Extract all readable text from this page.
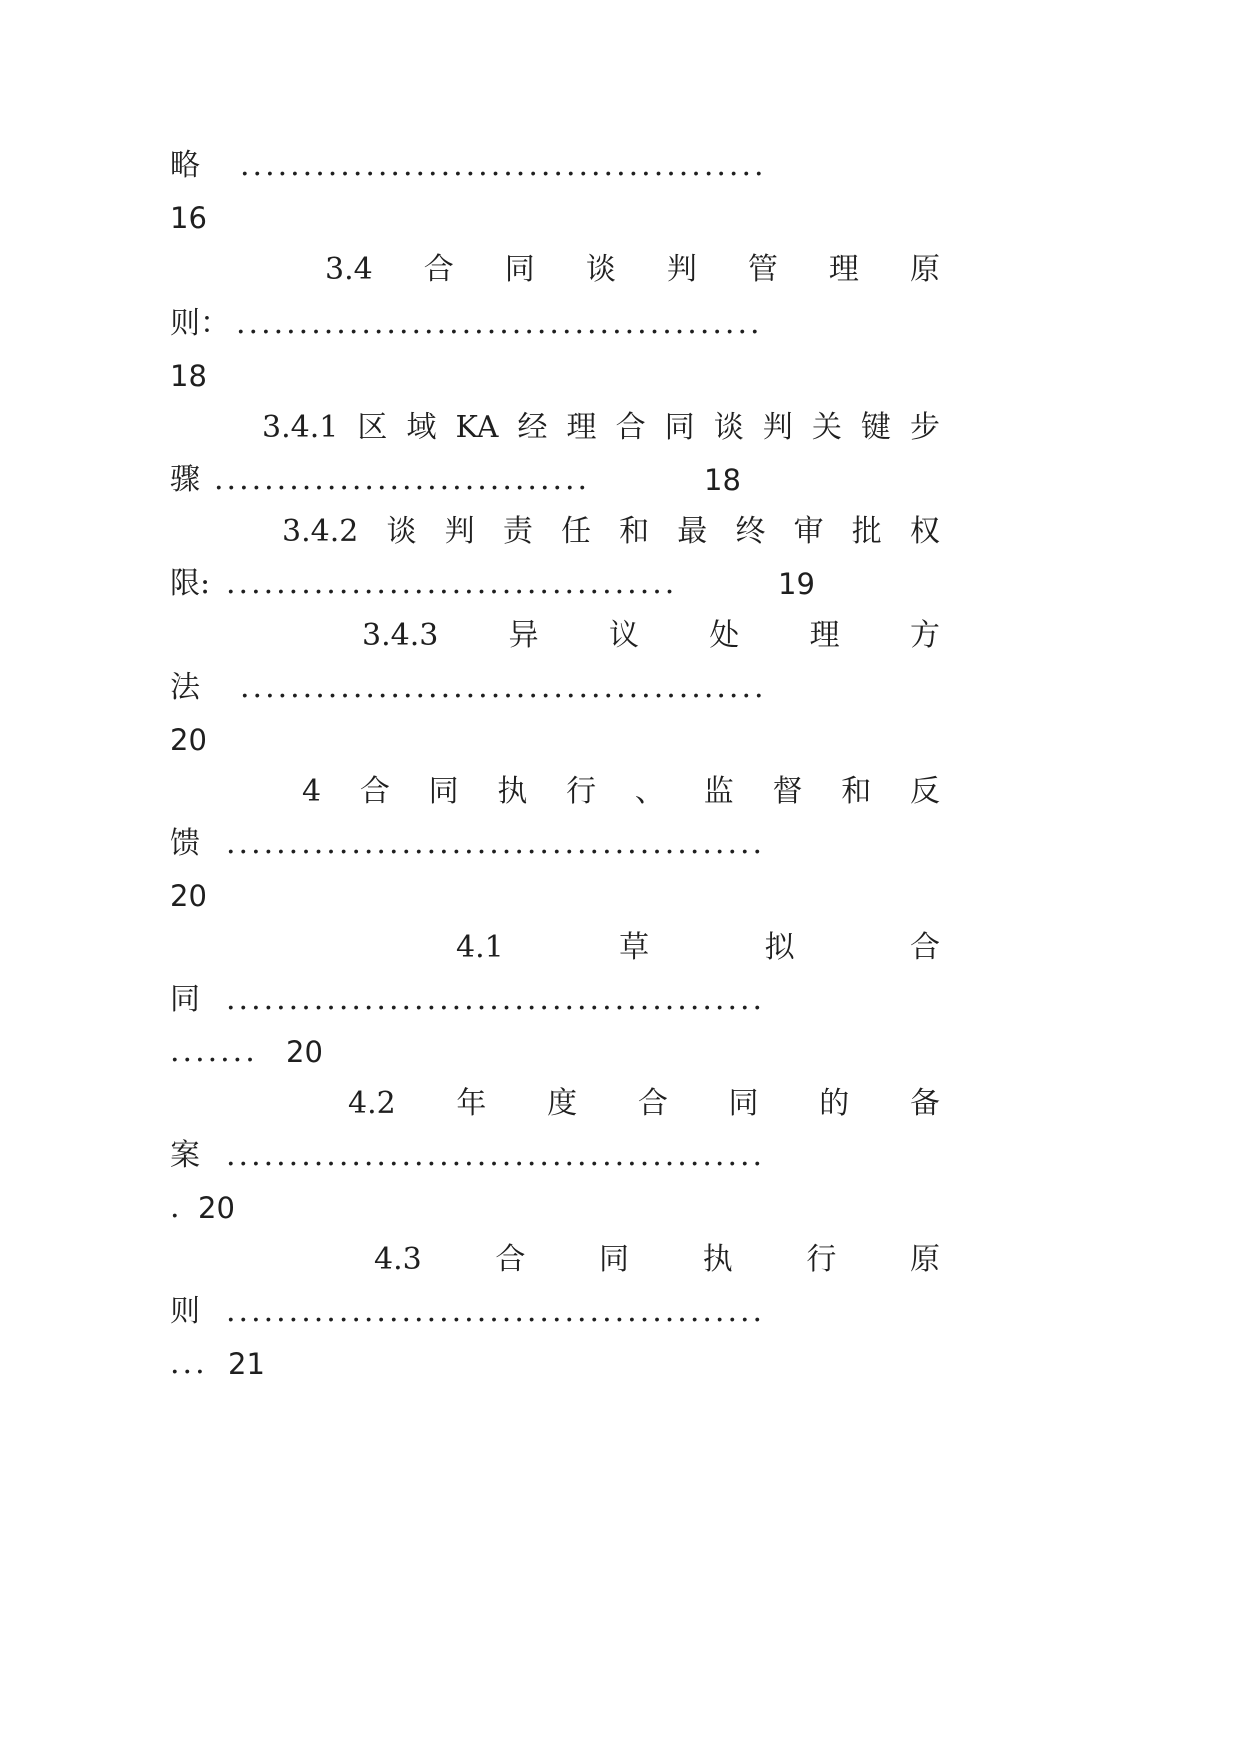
略 ..........................................
16
3.4 合 同 谈 判 管 理 原
则： ..........................................
18
3.4.1 区 域 KA 经 理 合 同 谈 判 关 键 步
骤 ..............................	18
3.4.2 谈 判 责 任 和 最 终 审 批 权
限: ....................................	19
3.4.3 异 议 处 理 方
法 ..........................................
20
4 合 同 执 行 、 监 督 和 反
馈 ...........................................
20
4.1	草	拟	合
同 ...........................................
....... 20
4.2 年 度 合 同 的 备
案 ...........................................
. 20
4.3 合 同 执 行 原
则 ...........................................
... 21
